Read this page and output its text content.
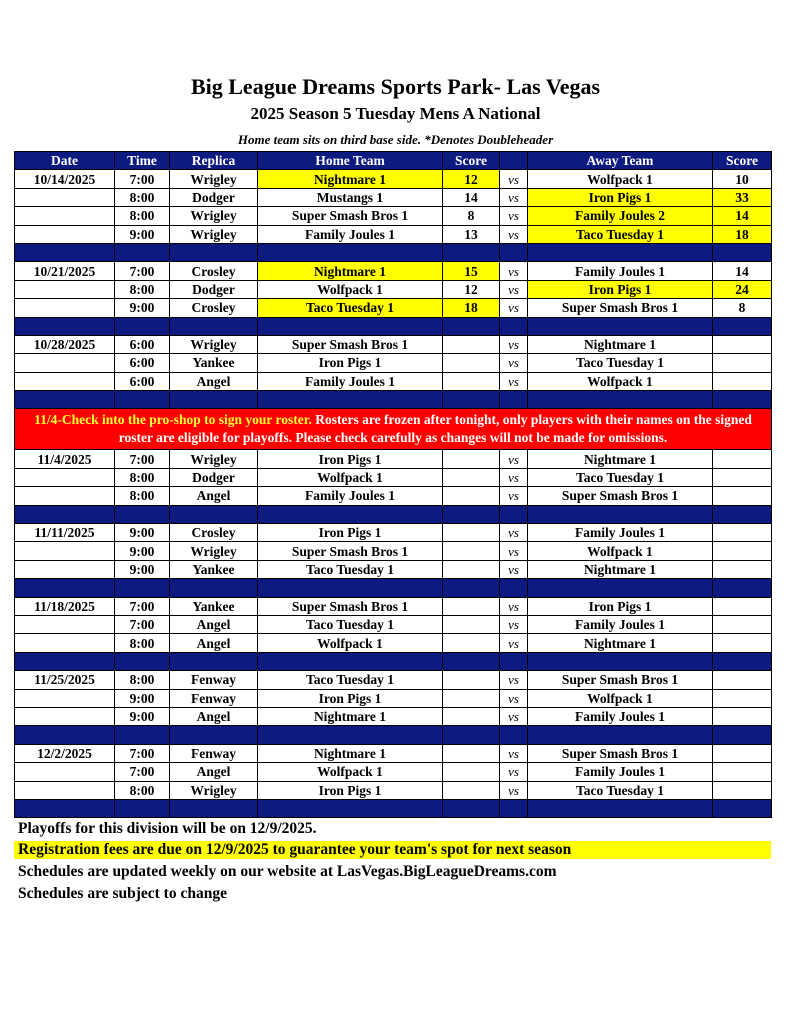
Big League Dreams Sports Park- Las Vegas
2025 Season 5 Tuesday Mens A National
Home team sits on third base side. *Denotes Doubleheader
Date	Time	Replica	Home Team	Score		Away Team	Score
10/14/2025	7:00	Wrigley	Nightmare 1	12	vs	Wolfpack 1	10
	8:00	Dodger	Mustangs 1	14	vs	Iron Pigs 1	33
	8:00	Wrigley	Super Smash Bros 1	8	vs	Family Joules 2	14
	9:00	Wrigley	Family Joules 1	13	vs	Taco Tuesday 1	18

10/21/2025	7:00	Crosley	Nightmare 1	15	vs	Family Joules 1	14
	8:00	Dodger	Wolfpack 1	12	vs	Iron Pigs 1	24
	9:00	Crosley	Taco Tuesday 1	18	vs	Super Smash Bros 1	8

10/28/2025	6:00	Wrigley	Super Smash Bros 1		vs	Nightmare 1	
	6:00	Yankee	Iron Pigs 1		vs	Taco Tuesday 1	
	6:00	Angel	Family Joules 1		vs	Wolfpack 1	

11/4-Check into the pro-shop to sign your roster. Rosters are frozen after tonight, only players with their names on the signed roster are eligible for playoffs. Please check carefully as changes will not be made for omissions.							
11/4/2025	7:00	Wrigley	Iron Pigs 1		vs	Nightmare 1	
	8:00	Dodger	Wolfpack 1		vs	Taco Tuesday 1	
	8:00	Angel	Family Joules 1		vs	Super Smash Bros 1	

11/11/2025	9:00	Crosley	Iron Pigs 1		vs	Family Joules 1	
	9:00	Wrigley	Super Smash Bros 1		vs	Wolfpack 1	
	9:00	Yankee	Taco Tuesday 1		vs	Nightmare 1	

11/18/2025	7:00	Yankee	Super Smash Bros 1		vs	Iron Pigs 1	
	7:00	Angel	Taco Tuesday 1		vs	Family Joules 1	
	8:00	Angel	Wolfpack 1		vs	Nightmare 1	

11/25/2025	8:00	Fenway	Taco Tuesday 1		vs	Super Smash Bros 1	
	9:00	Fenway	Iron Pigs 1		vs	Wolfpack 1	
	9:00	Angel	Nightmare 1		vs	Family Joules 1	

12/2/2025	7:00	Fenway	Nightmare 1		vs	Super Smash Bros 1	
	7:00	Angel	Wolfpack 1		vs	Family Joules 1	
	8:00	Wrigley	Iron Pigs 1		vs	Taco Tuesday 1	

Playoffs for this division will be on 12/9/2025.
Registration fees are due on 12/9/2025 to guarantee your team's spot for next season
Schedules are updated weekly on our website at LasVegas.BigLeagueDreams.com
Schedules are subject to change
